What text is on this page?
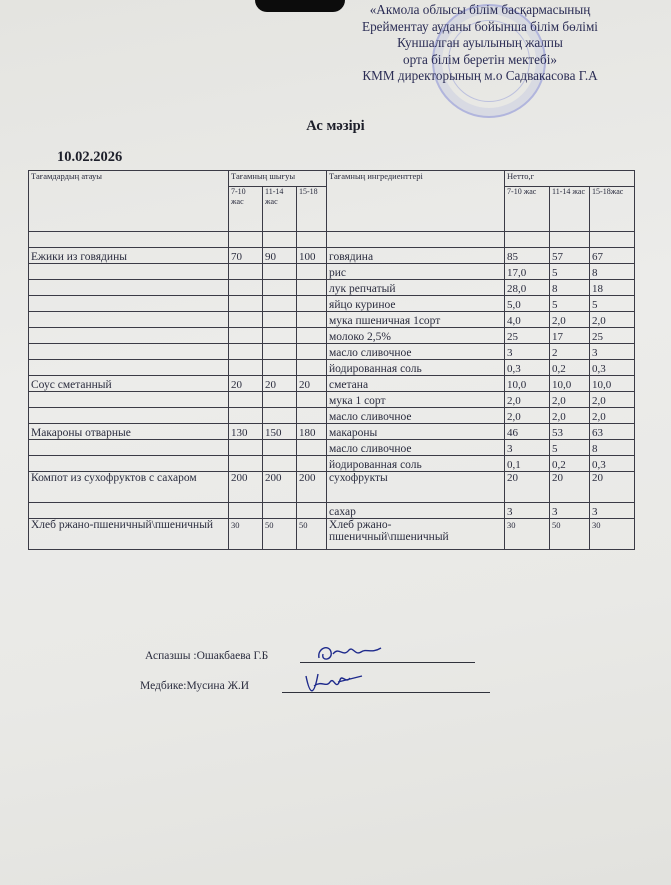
«Акмола облысы білім басқармасының
Ерейментау ауданы бойынша білім бөлімі
Куншалган ауылының жалпы
орта білім беретін мектебі»
КММ директорының м.о Садвакасова Г.А
Ас мәзірі
10.02.2026
Тағамдардың атауы	Тағамның шығуы			Тағамның ингредиенттері	Нетто,г		
	7-10 жас	11-14 жас	15-18		7-10 жас	11-14 жас	15-18жас

Ежики из говядины	70	90	100	говядина	85	57	67
				рис	17,0	5	8
				лук репчатый	28,0	8	18
				яйцо куриное	5,0	5	5
				мука пшеничная 1сорт	4,0	2,0	2,0
				молоко 2,5%	25	17	25
				масло сливочное	3	2	3
				йодированная соль	0,3	0,2	0,3
Соус сметанный	20	20	20	сметана	10,0	10,0	10,0
				мука 1 сорт	2,0	2,0	2,0
				масло сливочное	2,0	2,0	2,0
Макароны отварные	130	150	180	макароны	46	53	63
				масло сливочное	3	5	8
				йодированная соль	0,1	0,2	0,3
Компот из сухофруктов с сахаром	200	200	200	сухофрукты	20	20	20
				сахар	3	3	3
Хлеб ржано-пшеничный\пшеничный	30	50	50	Хлеб ржано-пшеничный\пшеничный	30	50	30
Аспазшы :Ошакбаева Г.Б
Медбике:Мусина Ж.И
